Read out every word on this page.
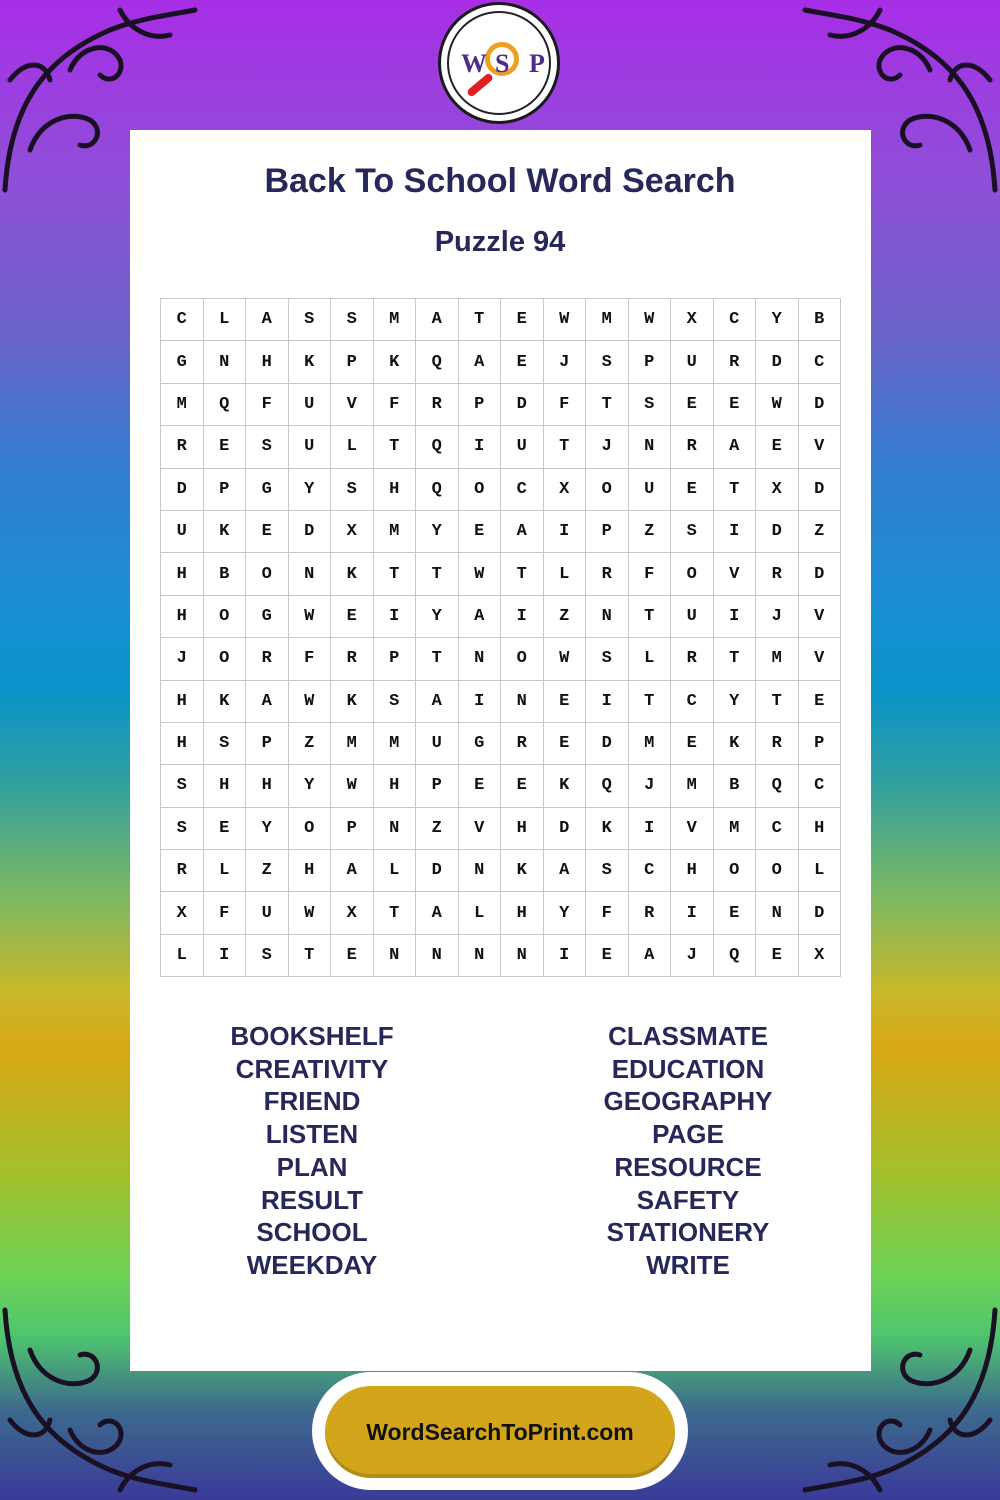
W S P
Back To School Word Search
Puzzle 94
C	L	A	S	S	M	A	T	E	W	M	W	X	C	Y	B
G	N	H	K	P	K	Q	A	E	J	S	P	U	R	D	C
M	Q	F	U	V	F	R	P	D	F	T	S	E	E	W	D
R	E	S	U	L	T	Q	I	U	T	J	N	R	A	E	V
D	P	G	Y	S	H	Q	O	C	X	O	U	E	T	X	D
U	K	E	D	X	M	Y	E	A	I	P	Z	S	I	D	Z
H	B	O	N	K	T	T	W	T	L	R	F	O	V	R	D
H	O	G	W	E	I	Y	A	I	Z	N	T	U	I	J	V
J	O	R	F	R	P	T	N	O	W	S	L	R	T	M	V
H	K	A	W	K	S	A	I	N	E	I	T	C	Y	T	E
H	S	P	Z	M	M	U	G	R	E	D	M	E	K	R	P
S	H	H	Y	W	H	P	E	E	K	Q	J	M	B	Q	C
S	E	Y	O	P	N	Z	V	H	D	K	I	V	M	C	H
R	L	Z	H	A	L	D	N	K	A	S	C	H	O	O	L
X	F	U	W	X	T	A	L	H	Y	F	R	I	E	N	D
L	I	S	T	E	N	N	N	N	I	E	A	J	Q	E	X
BOOKSHELF
CREATIVITY
FRIEND
LISTEN
PLAN
RESULT
SCHOOL
WEEKDAY
CLASSMATE
EDUCATION
GEOGRAPHY
PAGE
RESOURCE
SAFETY
STATIONERY
WRITE
WordSearchToPrint.com
